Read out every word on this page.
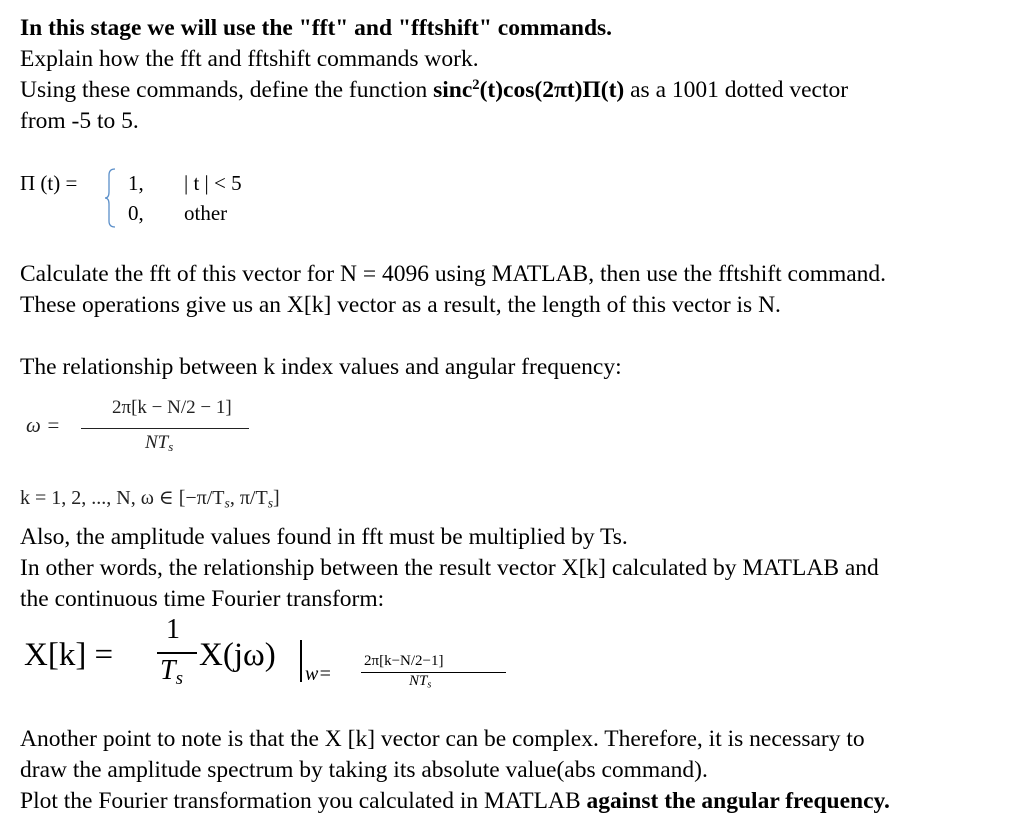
In this stage we will use the "fft" and "fftshift" commands.
Explain how the fft and fftshift commands work.
Using these commands, define the function sinc$^2$(t)cos(2πt)Π(t) as a 1001 dotted vector
from -5 to 5.
Π (t) = 1, | t | < 5
0, other
Calculate the fft of this vector for N = 4096 using MATLAB, then use the fftshift command.
These operations give us an X[k] vector as a result, the length of this vector is N.
The relationship between k index values and angular frequency:
ω =
2π[k − N/2 − 1]
$NT_s$
k = 1, 2, ..., N, ω ∈ [$-\pi/T_s$, $\pi/T_s$]
Also, the amplitude values found in fft must be multiplied by Ts.
In other words, the relationship between the result vector X[k] calculated by MATLAB and
the continuous time Fourier transform:
X[k] =
1
$T_s$
X(jω)
w=
2π[k−N/2−1]
$NT_s$
Another point to note is that the X [k] vector can be complex. Therefore, it is necessary to
draw the amplitude spectrum by taking its absolute value(abs command).
Plot the Fourier transformation you calculated in MATLAB against the angular frequency.
